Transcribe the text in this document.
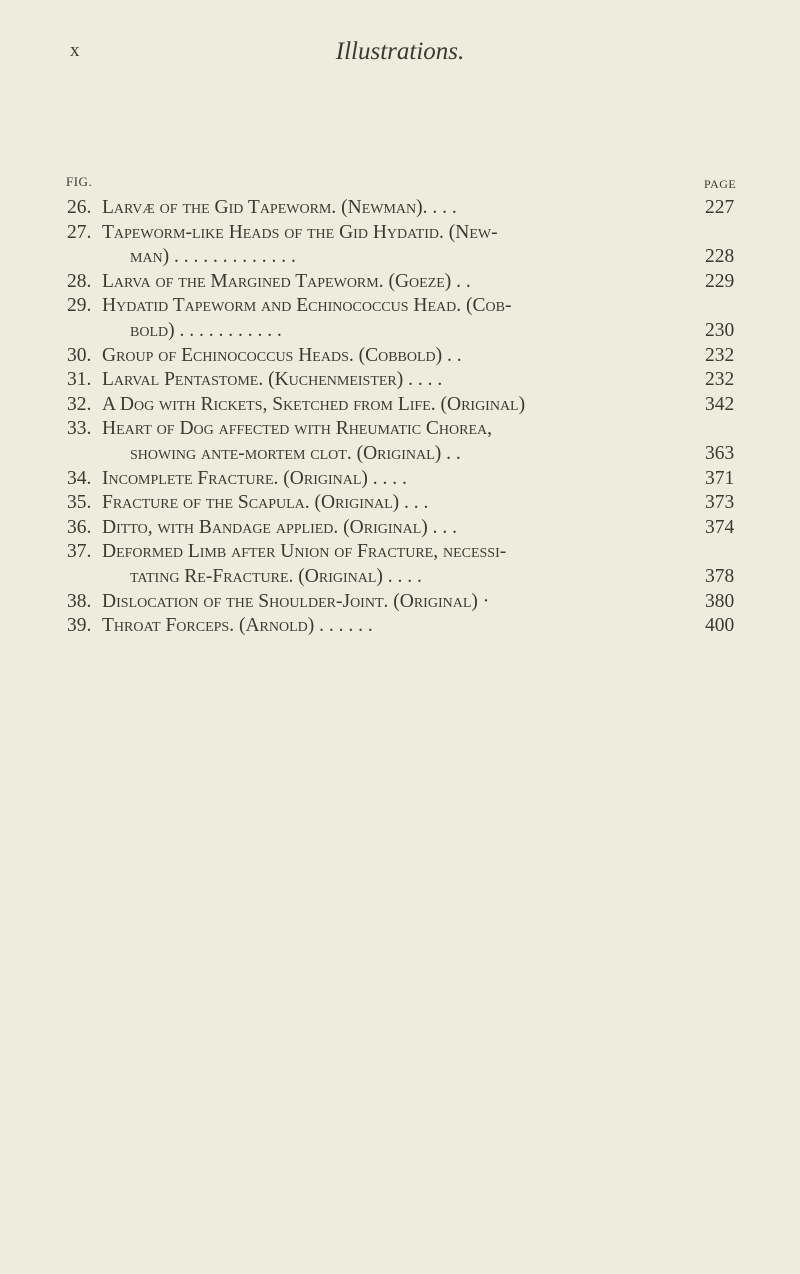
x	Illustrations.
FIG.	PAGE
26. Larvæ of the Gid Tapeworm. (Newman). . . .	227
27. Tapeworm-like Heads of the Gid Hydatid. (New-
man) . . . . . . . . . . . . .	228
28. Larva of the Margined Tapeworm. (Goeze) . .	229
29. Hydatid Tapeworm and Echinococcus Head. (Cob-
bold) . . . . . . . . . . .	230
30. Group of Echinococcus Heads. (Cobbold) . .	232
31. Larval Pentastome. (Kuchenmeister) . . . .	232
32. A Dog with Rickets, Sketched from Life. (Original)	342
33. Heart of Dog affected with Rheumatic Chorea,
showing ante-mortem clot. (Original) . .	363
34. Incomplete Fracture. (Original) . . . .	371
35. Fracture of the Scapula. (Original) . . .	373
36. Ditto, with Bandage applied. (Original) . . .	374
37. Deformed Limb after Union of Fracture, necessi-
tating Re-Fracture. (Original) . . . .	378
38. Dislocation of the Shoulder-Joint. (Original) ·	380
39. Throat Forceps. (Arnold) . . . . . .	400
